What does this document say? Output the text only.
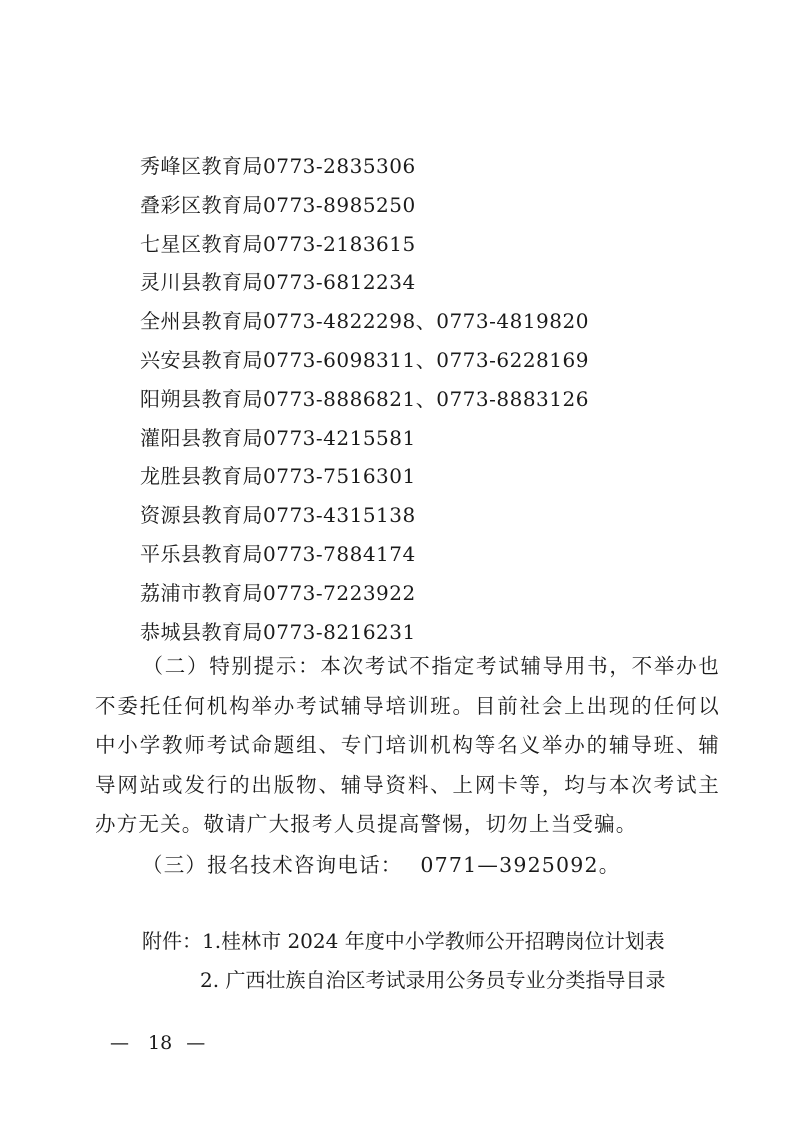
秀峰区教育局0773-2835306
叠彩区教育局0773-8985250
七星区教育局0773-2183615
灵川县教育局0773-6812234
全州县教育局0773-4822298、0773-4819820
兴安县教育局0773-6098311、0773-6228169
阳朔县教育局0773-8886821、0773-8883126
灌阳县教育局0773-4215581
龙胜县教育局0773-7516301
资源县教育局0773-4315138
平乐县教育局0773-7884174
荔浦市教育局0773-7223922
恭城县教育局0773-8216231
（二）特别提示：本次考试不指定考试辅导用书，不举办也不委托任何机构举办考试辅导培训班。目前社会上出现的任何以中小学教师考试命题组、专门培训机构等名义举办的辅导班、辅导网站或发行的出版物、辅导资料、上网卡等，均与本次考试主办方无关。敬请广大报考人员提高警惕，切勿上当受骗。
（三）报名技术咨询电话： 0771—3925092。
附件：1.桂林市 2024 年度中小学教师公开招聘岗位计划表
2. 广西壮族自治区考试录用公务员专业分类指导目录
— 18 —
